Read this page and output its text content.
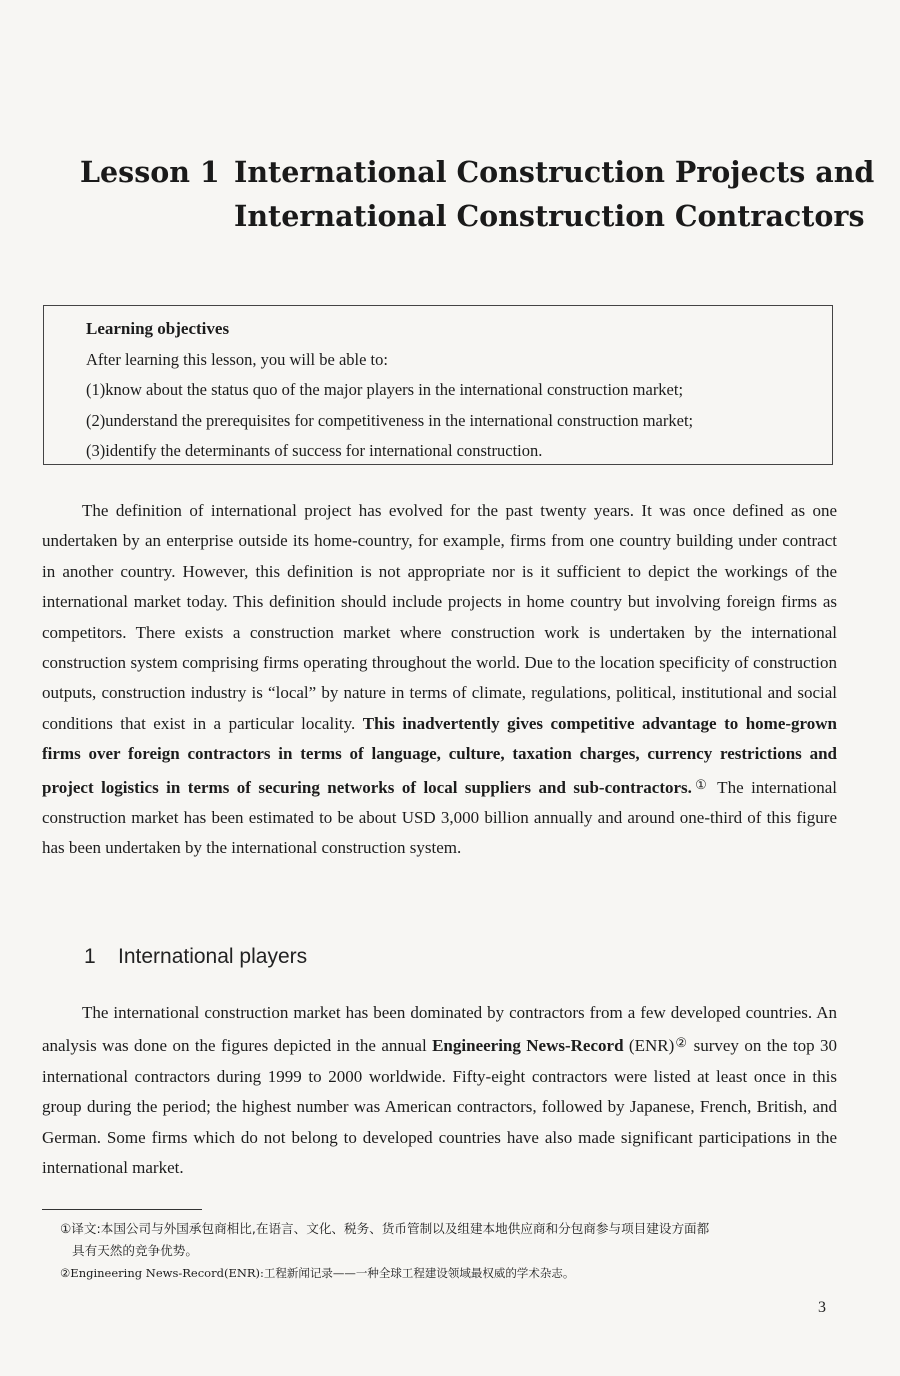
Lesson 1 International Construction Projects and
International Construction Contractors

Learning objectives

After learning this lesson, you will be able to:

(1)know about the status quo of the major players in the international construction market;

(2)understand the prerequisites for competitiveness in the international construction market;

(3)identify the determinants of success for international construction.

The definition of international project has evolved for the past twenty years. It was once defined as one undertaken by an enterprise outside its home-country, for example, firms from one country building under contract in another country. However, this definition is not appropriate nor is it sufficient to depict the workings of the international market today. This definition should include projects in home country but involving foreign firms as competitors. There exists a construction market where construction work is undertaken by the international construction system comprising firms operating throughout the world. Due to the location specificity of construction outputs, construction industry is “local” by nature in terms of climate, regulations, political, institutional and social conditions that exist in a particular locality. This inadvertently gives competitive advantage to home-grown firms over foreign contractors in terms of language, culture, taxation charges, currency restrictions and project logistics in terms of securing networks of local suppliers and sub-contractors.① The international construction market has been estimated to be about USD 3,000 billion annually and around one-third of this figure has been undertaken by the international construction system.

1 International players

The international construction market has been dominated by contractors from a few developed countries. An analysis was done on the figures depicted in the annual Engineering News-Record (ENR)② survey on the top 30 international contractors during 1999 to 2000 worldwide. Fifty-eight contractors were listed at least once in this group during the period; the highest number was American contractors, followed by Japanese, French, British, and German. Some firms which do not belong to developed countries have also made significant participations in the international market.

①译文:本国公司与外国承包商相比,在语言、文化、税务、货币管制以及组建本地供应商和分包商参与项目建设方面都

具有天然的竞争优势。

②Engineering News-Record(ENR):工程新闻记录——一种全球工程建设领域最权威的学术杂志。

3
